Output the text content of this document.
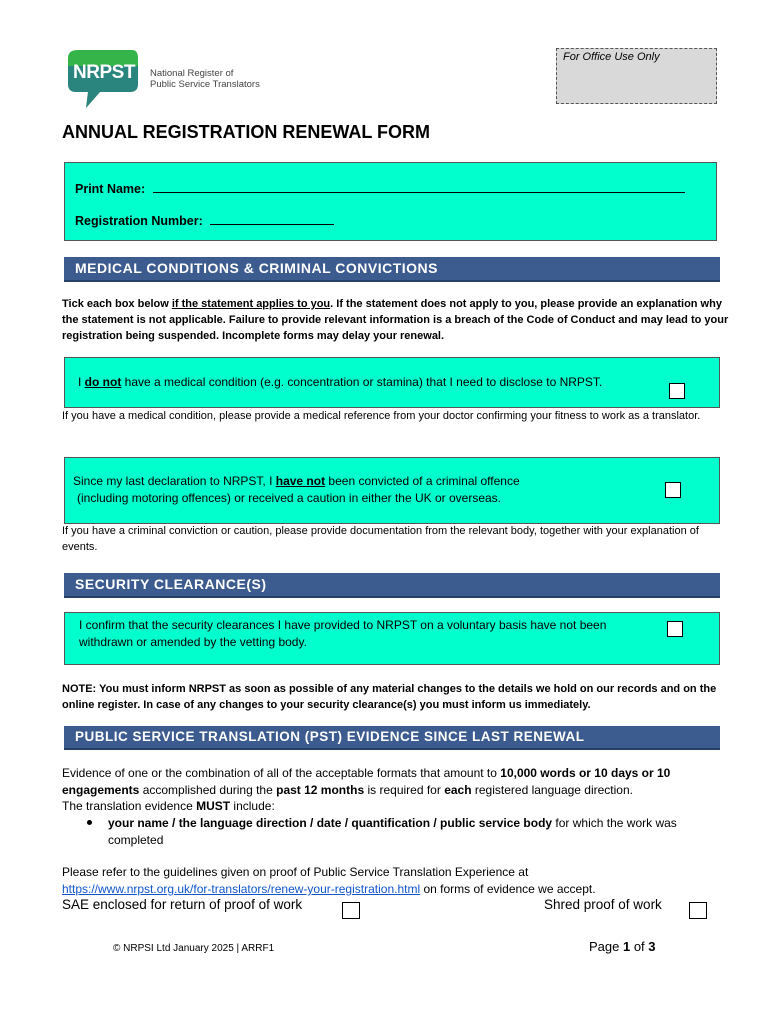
NRPST	National Register of
Public Service Translators
For Office Use Only
ANNUAL REGISTRATION RENEWAL FORM
Print Name:
Registration Number:
MEDICAL CONDITIONS & CRIMINAL CONVICTIONS
Tick each box below if the statement applies to you. If the statement does not apply to you, please provide an explanation why the statement is not applicable. Failure to provide relevant information is a breach of the Code of Conduct and may lead to your registration being suspended. Incomplete forms may delay your renewal.
I do not have a medical condition (e.g. concentration or stamina) that I need to disclose to NRPST.
If you have a medical condition, please provide a medical reference from your doctor confirming your fitness to work as a translator.
Since my last declaration to NRPST, I have not been convicted of a criminal offence
(including motoring offences) or received a caution in either the UK or overseas.
If you have a criminal conviction or caution, please provide documentation from the relevant body, together with your explanation of events.
SECURITY CLEARANCE(S)
I confirm that the security clearances I have provided to NRPST on a voluntary basis have not been withdrawn or amended by the vetting body.
NOTE: You must inform NRPST as soon as possible of any material changes to the details we hold on our records and on the online register. In case of any changes to your security clearance(s) you must inform us immediately.
PUBLIC SERVICE TRANSLATION (PST) EVIDENCE SINCE LAST RENEWAL
Evidence of one or the combination of all of the acceptable formats that amount to 10,000 words or 10 days or 10 engagements accomplished during the past 12 months is required for each registered language direction.
The translation evidence MUST include:
your name / the language direction / date / quantification / public service body for which the work was completed
Please refer to the guidelines given on proof of Public Service Translation Experience at
https://www.nrpst.org.uk/for-translators/renew-your-registration.html on forms of evidence we accept.
SAE enclosed for return of proof of work	Shred proof of work
© NRPSI Ltd January 2025 | ARRF1	Page 1 of 3
